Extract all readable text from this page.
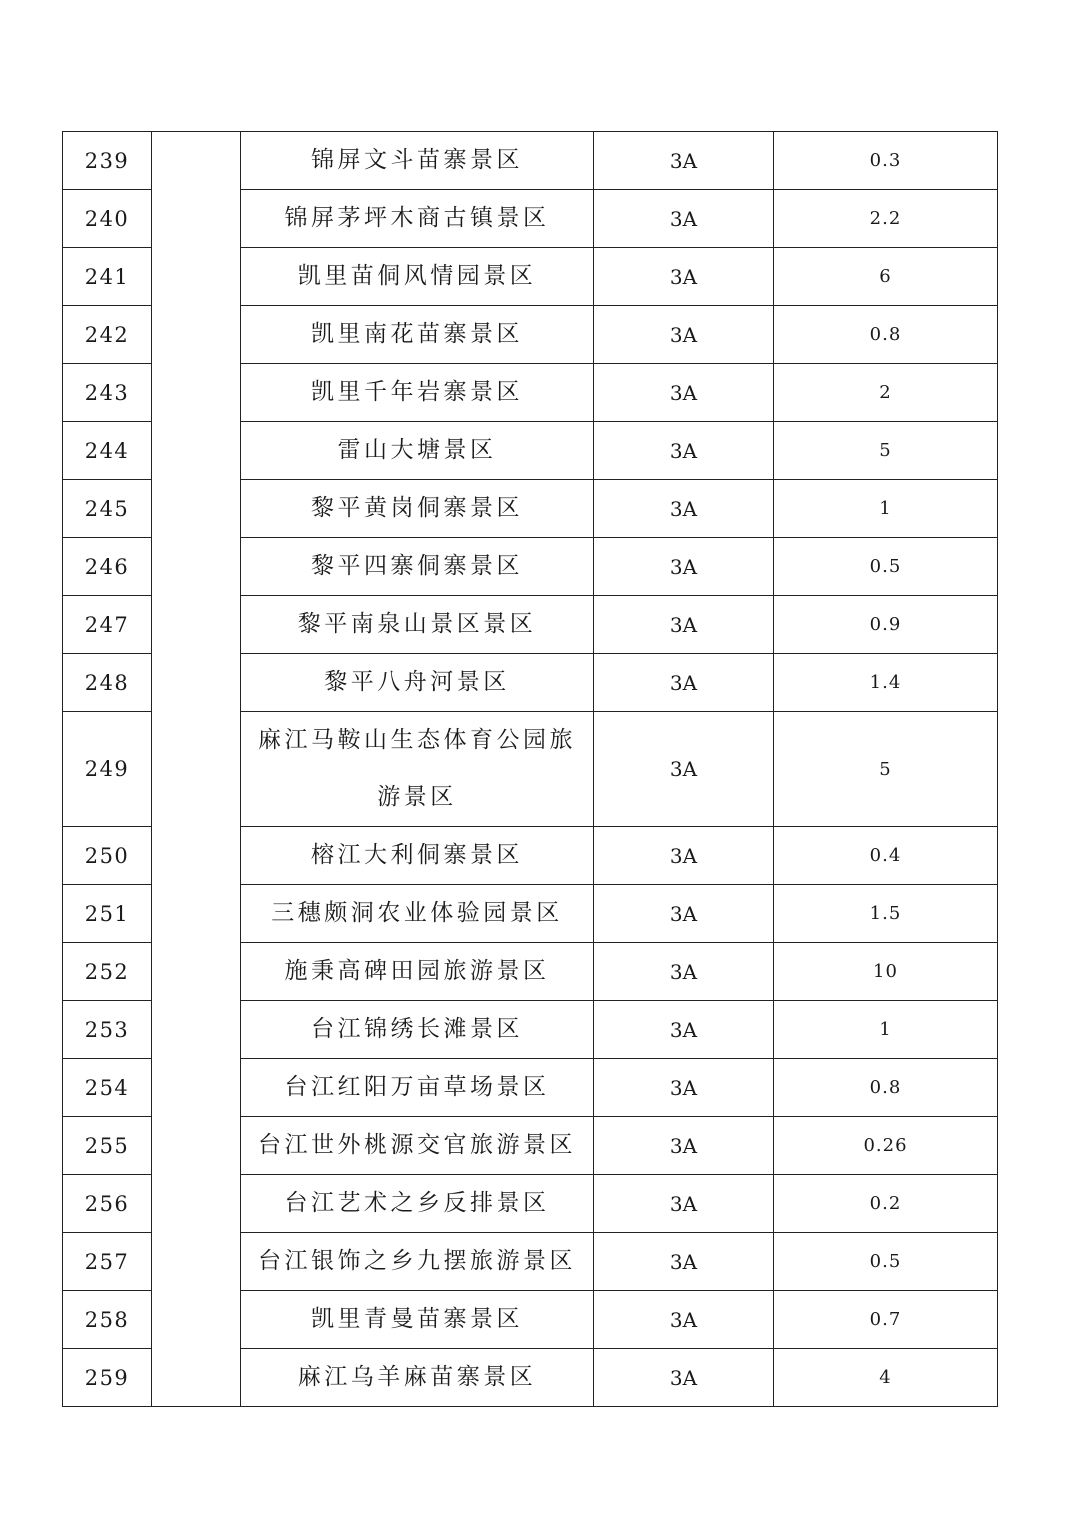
239		锦屏文斗苗寨景区	3A	0.3
240		锦屏茅坪木商古镇景区	3A	2.2
241		凯里苗侗风情园景区	3A	6
242		凯里南花苗寨景区	3A	0.8
243		凯里千年岩寨景区	3A	2
244		雷山大塘景区	3A	5
245		黎平黄岗侗寨景区	3A	1
246		黎平四寨侗寨景区	3A	0.5
247		黎平南泉山景区景区	3A	0.9
248		黎平八舟河景区	3A	1.4
249		麻江马鞍山生态体育公园旅游景区	3A	5
250		榕江大利侗寨景区	3A	0.4
251		三穗颇洞农业体验园景区	3A	1.5
252		施秉高碑田园旅游景区	3A	10
253		台江锦绣长滩景区	3A	1
254		台江红阳万亩草场景区	3A	0.8
255		台江世外桃源交官旅游景区	3A	0.26
256		台江艺术之乡反排景区	3A	0.2
257		台江银饰之乡九摆旅游景区	3A	0.5
258		凯里青曼苗寨景区	3A	0.7
259		麻江乌羊麻苗寨景区	3A	4
